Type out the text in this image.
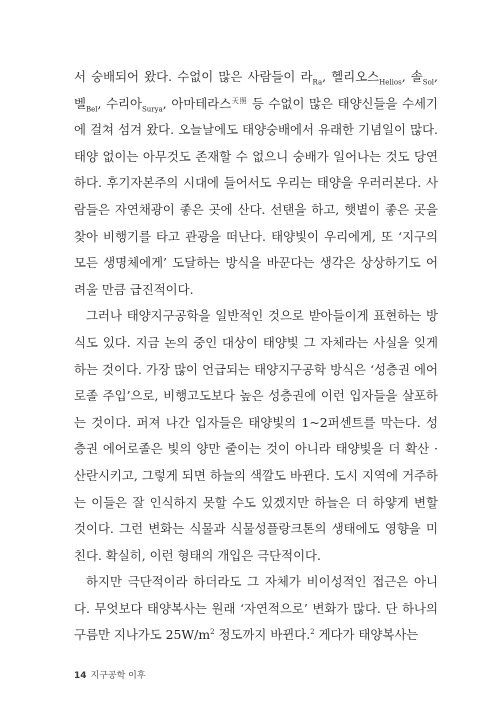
서 숭배되어 왔다. 수없이 많은 사람들이 라$_{Ra}$, 헬리오스$_{Helios}$, 솔$_{Sol}$, 벨$_{Bel}$, 수리아$_{Surya}$, 아마테라스$^{天照}$ 등 수없이 많은 태양신들을 수세기에 걸쳐 섬겨 왔다. 오늘날에도 태양숭배에서 유래한 기념일이 많다. 태양 없이는 아무것도 존재할 수 없으니 숭배가 일어나는 것도 당연하다. 후기자본주의 시대에 들어서도 우리는 태양을 우러러본다. 사람들은 자연채광이 좋은 곳에 산다. 선탠을 하고, 햇볕이 좋은 곳을 찾아 비행기를 타고 관광을 떠난다. 태양빛이 우리에게, 또 ‘지구의 모든 생명체에게’ 도달하는 방식을 바꾼다는 생각은 상상하기도 어려울 만큼 급진적이다.

그러나 태양지구공학을 일반적인 것으로 받아들이게 표현하는 방식도 있다. 지금 논의 중인 대상이 태양빛 그 자체라는 사실을 잊게 하는 것이다. 가장 많이 언급되는 태양지구공학 방식은 ‘성층권 에어로졸 주입’으로, 비행고도보다 높은 성층권에 이런 입자들을 살포하는 것이다. 퍼져 나간 입자들은 태양빛의 1~2퍼센트를 막는다. 성층권 에어로졸은 빛의 양만 줄이는 것이 아니라 태양빛을 더 확산 · 산란시키고, 그렇게 되면 하늘의 색깔도 바뀐다. 도시 지역에 거주하는 이들은 잘 인식하지 못할 수도 있겠지만 하늘은 더 하얗게 변할 것이다. 그런 변화는 식물과 식물성플랑크톤의 생태에도 영향을 미친다. 확실히, 이런 형태의 개입은 극단적이다.

하지만 극단적이라 하더라도 그 자체가 비이성적인 접근은 아니다. 무엇보다 태양복사는 원래 ‘자연적으로’ 변화가 많다. 단 하나의 구름만 지나가도 $25W/m^2$ 정도까지 바뀐다.$^2$ 게다가 태양복사는

14 지구공학 이후
